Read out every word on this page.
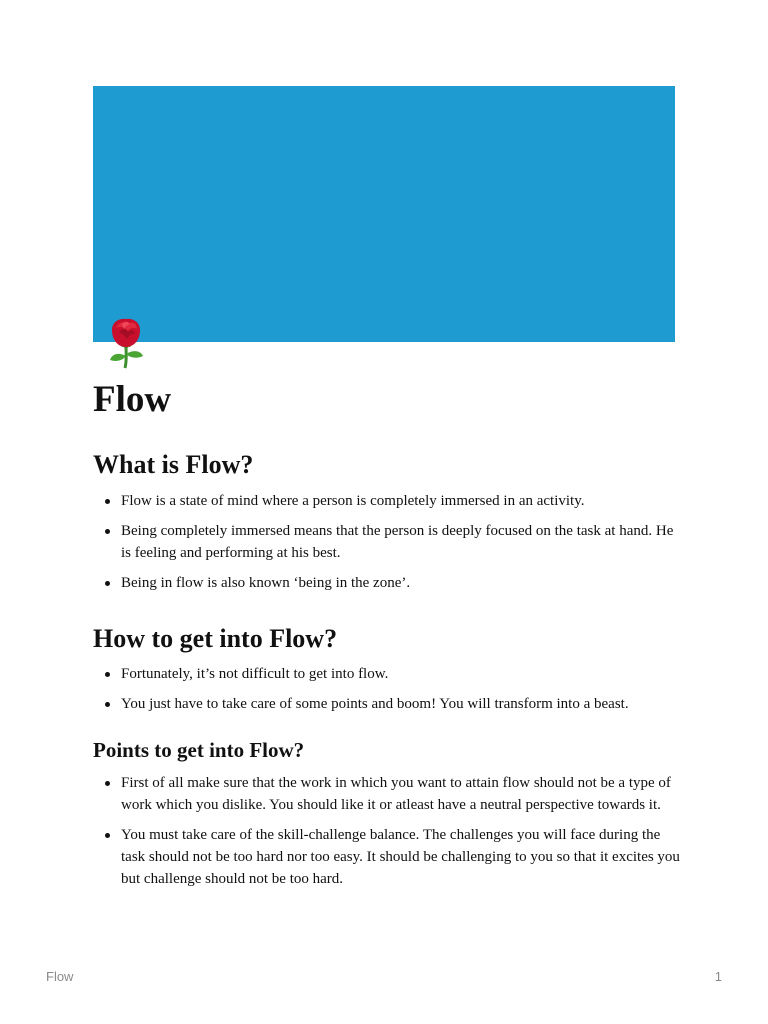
Flow
What is Flow?
Flow is a state of mind where a person is completely immersed in an activity.
Being completely immersed means that the person is deeply focused on the task at hand. He is feeling and performing at his best.
Being in flow is also known ‘being in the zone’.
How to get into Flow?
Fortunately, it’s not difficult to get into flow.
You just have to take care of some points and boom! You will transform into a beast.
Points to get into Flow?
First of all make sure that the work in which you want to attain flow should not be a type of work which you dislike. You should like it or atleast have a neutral perspective towards it.
You must take care of the skill-challenge balance. The challenges you will face during the task should not be too hard nor too easy. It should be challenging to you so that it excites you but challenge should not be too hard.
Flow	1
